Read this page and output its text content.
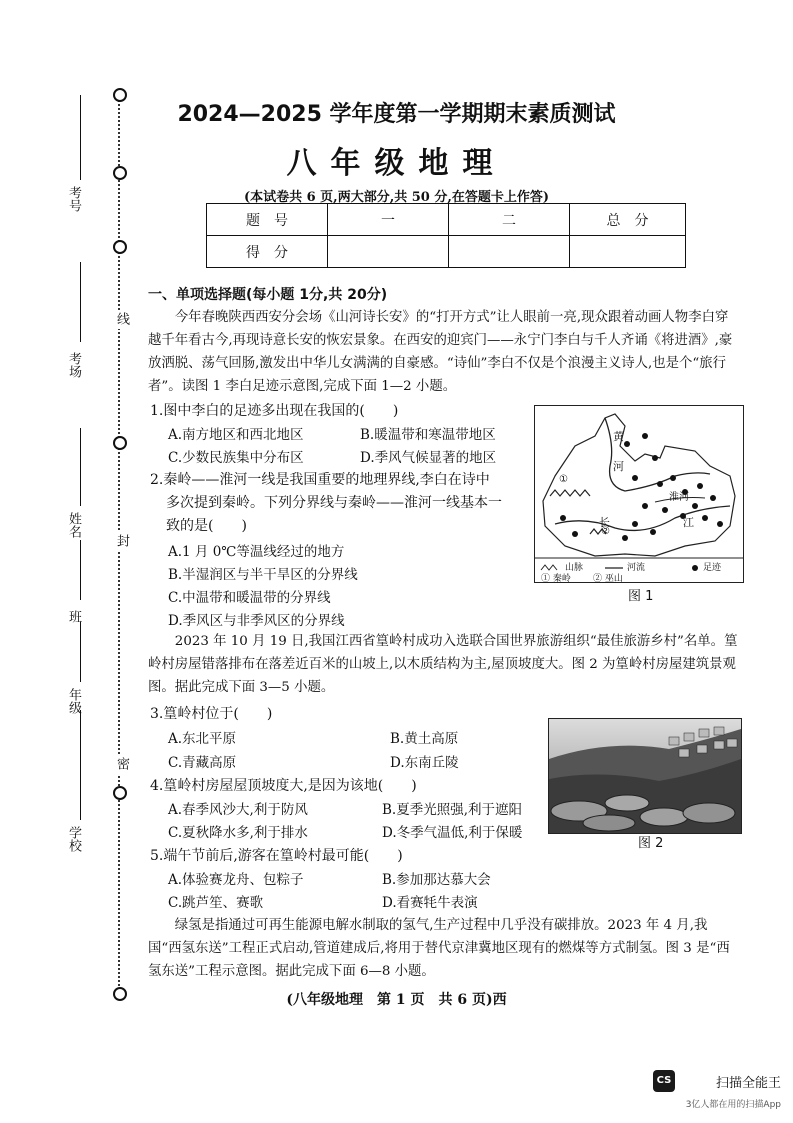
线
封
密
考号
考场
姓名
班
年级
学校
2024—2025 学年度第一学期期末素质测试
八年级地理
(本试卷共 6 页,两大部分,共 50 分,在答题卡上作答)
题　号	一	二	总　分
得　分			
一、单项选择题(每小题 1分,共 20分)
今年春晚陕西西安分会场《山河诗长安》的“打开方式”让人眼前一亮,现众跟着动画人物李白穿越千年看古今,再现诗意长安的恢宏景象。在西安的迎宾门——永宁门李白与千人齐诵《将进酒》,豪放洒脱、荡气回肠,激发出中华儿女满满的自豪感。“诗仙”李白不仅是个浪漫主义诗人,也是个“旅行者”。读图 1 李白足迹示意图,完成下面 1—2 小题。
1.图中李白的足迹多出现在我国的(　　)
A.南方地区和西北地区	B.暖温带和寒温带地区
C.少数民族集中分布区	D.季风气候显著的地区
2.秦岭——淮河一线是我国重要的地理界线,李白在诗中
多次提到秦岭。下列分界线与秦岭——淮河一线基本一
致的是(　　)
A.1 月 0℃等温线经过的地方
B.半湿润区与半干旱区的分界线
C.中温带和暖温带的分界线
D.季风区与非季风区的分界线
黄
河
淮河
长	江
①
②
山脉	河流	足迹
① 秦岭 ② 巫山
图 1
2023 年 10 月 19 日,我国江西省篁岭村成功入选联合国世界旅游组织“最佳旅游乡村”名单。篁岭村房屋错落排布在落差近百米的山坡上,以木质结构为主,屋顶坡度大。图 2 为篁岭村房屋建筑景观图。据此完成下面 3—5 小题。
3.篁岭村位于(　　)
A.东北平原	B.黄土高原
C.青藏高原	D.东南丘陵
图 2
4.篁岭村房屋屋顶坡度大,是因为该地(　　)
A.春季风沙大,利于防风	B.夏季光照强,利于遮阳
C.夏秋降水多,利于排水	D.冬季气温低,利于保暖
5.端午节前后,游客在篁岭村最可能(　　)
A.体验赛龙舟、包粽子	B.参加那达慕大会
C.跳芦笙、赛歌	D.看赛牦牛表演
绿氢是指通过可再生能源电解水制取的氢气,生产过程中几乎没有碳排放。2023 年 4 月,我国“西氢东送”工程正式启动,管道建成后,将用于替代京津冀地区现有的燃煤等方式制氢。图 3 是“西氢东送”工程示意图。据此完成下面 6—8 小题。
(八年级地理　第 1 页　共 6 页)西
CS	扫描全能王
3亿人都在用的扫描App
